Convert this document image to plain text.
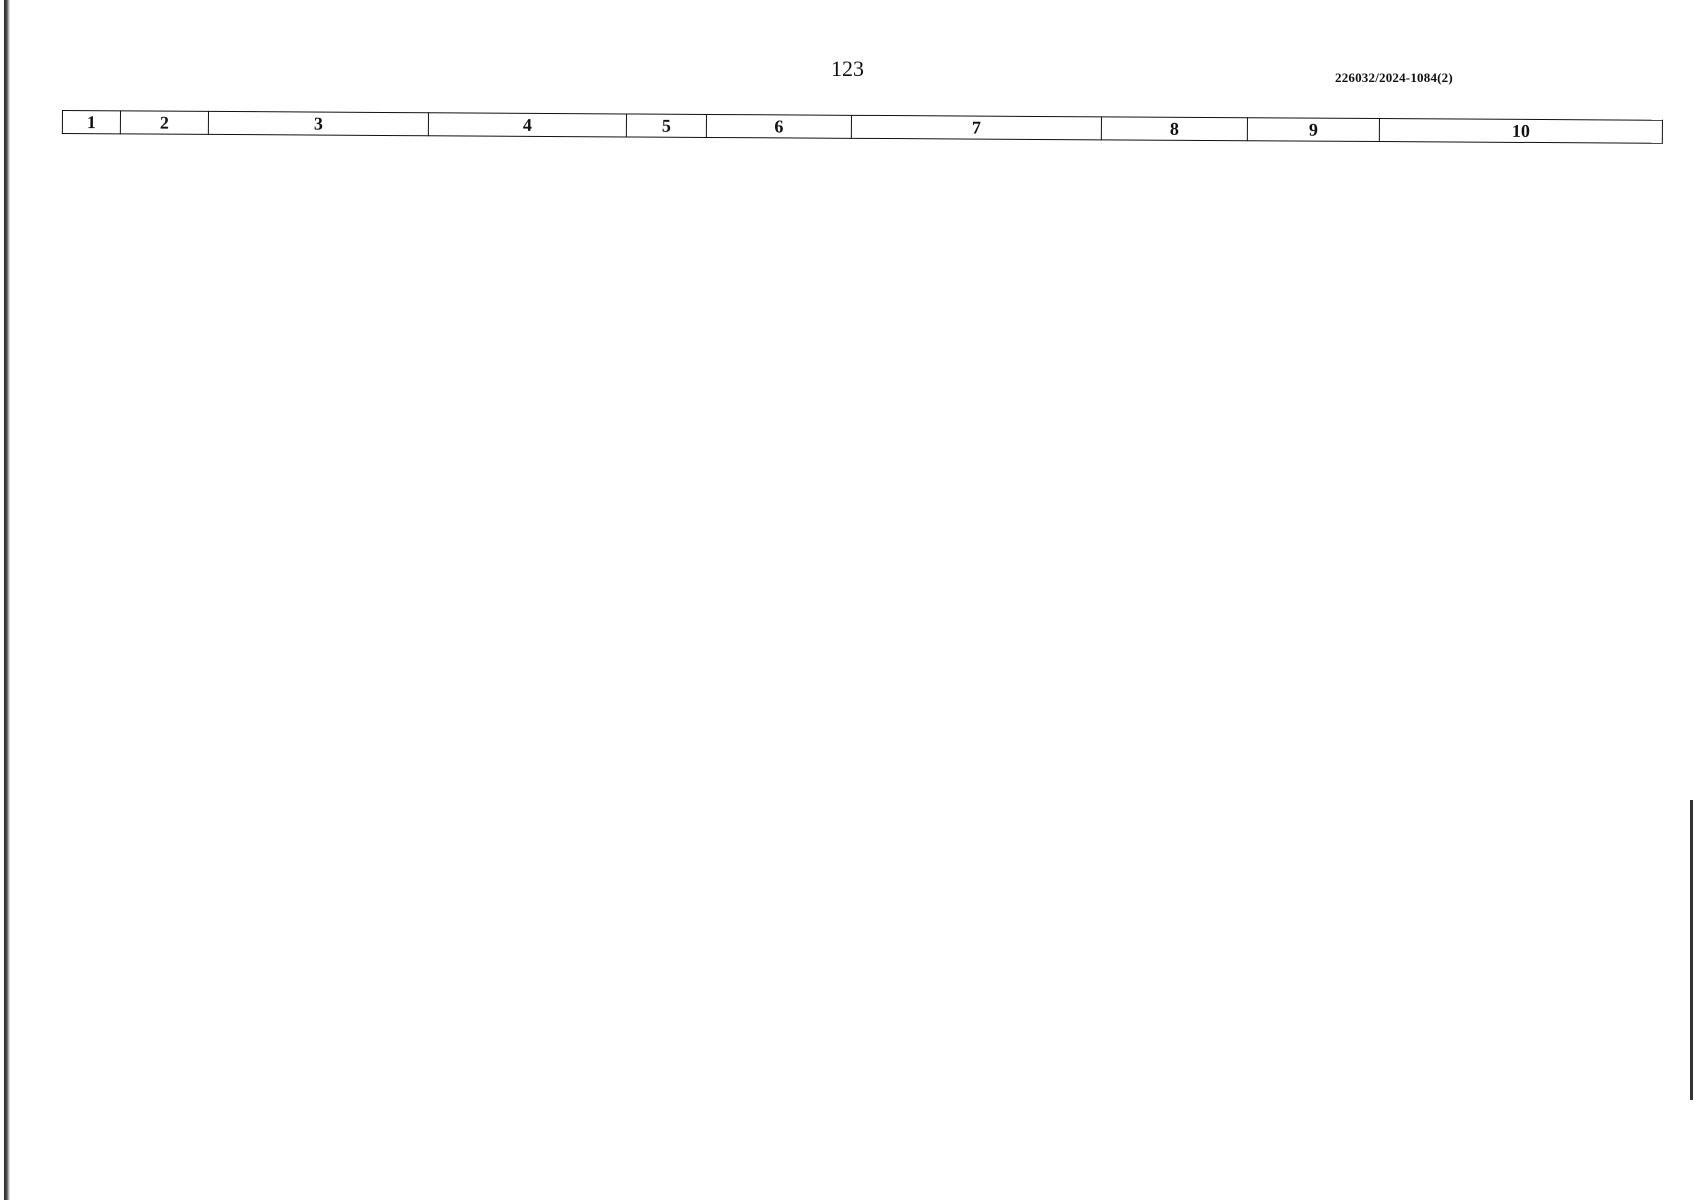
123	226032/2024-1084(2)
1	2	3	4	5	6	7	8	9	10
